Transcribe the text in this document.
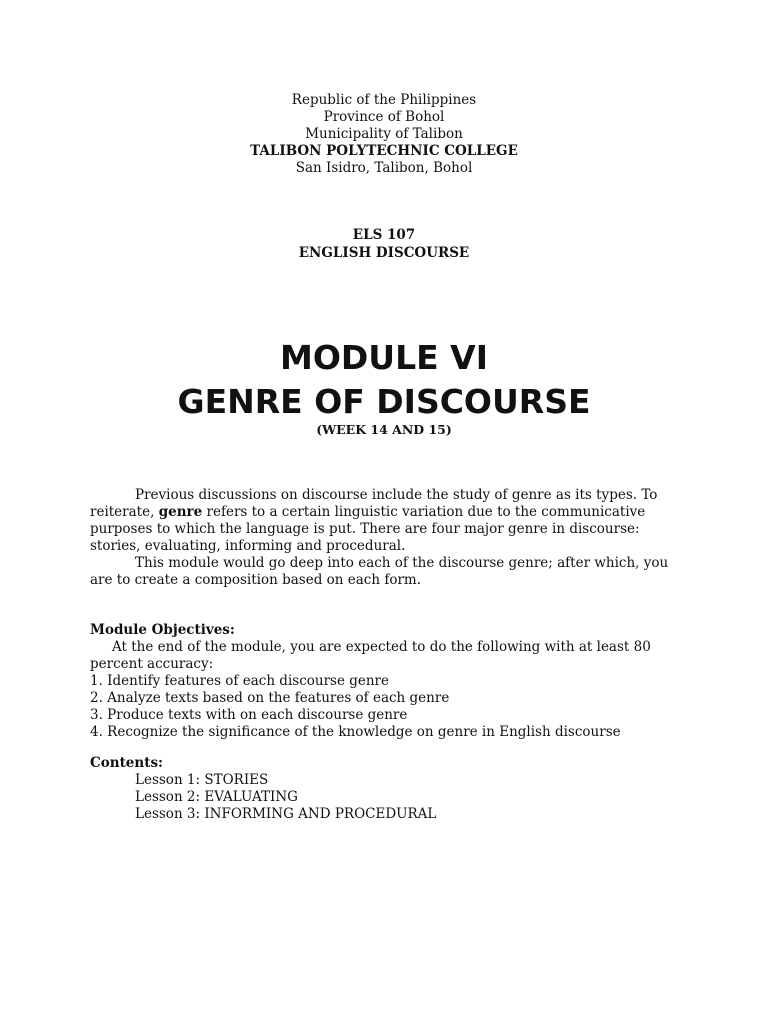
Republic of the Philippines
Province of Bohol
Municipality of Talibon
TALIBON POLYTECHNIC COLLEGE
San Isidro, Talibon, Bohol
ELS 107
ENGLISH DISCOURSE
MODULE VI
GENRE OF DISCOURSE
(WEEK 14 AND 15)

Previous discussions on discourse include the study of genre as its types. To reiterate, genre refers to a certain linguistic variation due to the communicative purposes to which the language is put. There are four major genre in discourse: stories, evaluating, informing and procedural.

This module would go deep into each of the discourse genre; after which, you are to create a composition based on each form.

Module Objectives:

At the end of the module, you are expected to do the following with at least 80 percent accuracy:

1. Identify features of each discourse genre

2. Analyze texts based on the features of each genre

3. Produce texts with on each discourse genre

4. Recognize the significance of the knowledge on genre in English discourse

Contents:

Lesson 1: STORIES

Lesson 2: EVALUATING

Lesson 3: INFORMING AND PROCEDURAL
